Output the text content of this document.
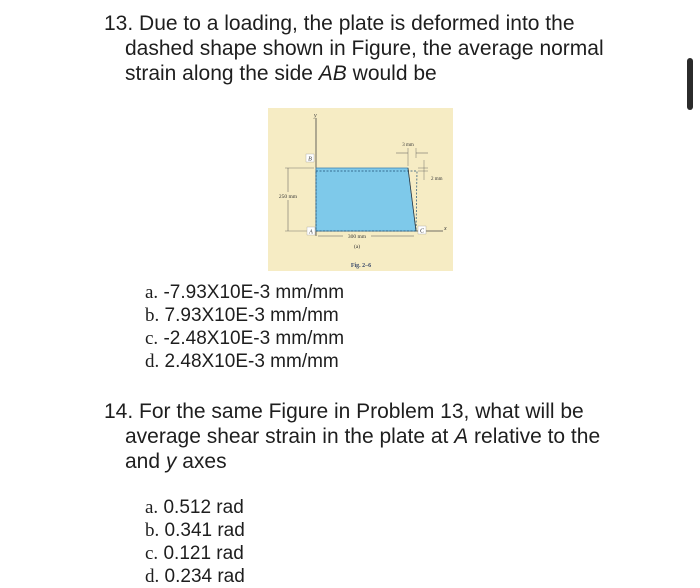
13. Due to a loading, the plate is deformed into the
dashed shape shown in Figure, the average normal
strain along the side AB would be
y
x
250 mm
B
A	C
300 mm
(a)
3 mm
2 mm
Fig. 2–6
a. -7.93X10E-3 mm/mm
b. 7.93X10E-3 mm/mm
c. -2.48X10E-3 mm/mm
d. 2.48X10E-3 mm/mm
14. For the same Figure in Problem 13, what will be
average shear strain in the plate at A relative to the
and y axes
a. 0.512 rad
b. 0.341 rad
c. 0.121 rad
d. 0.234 rad
